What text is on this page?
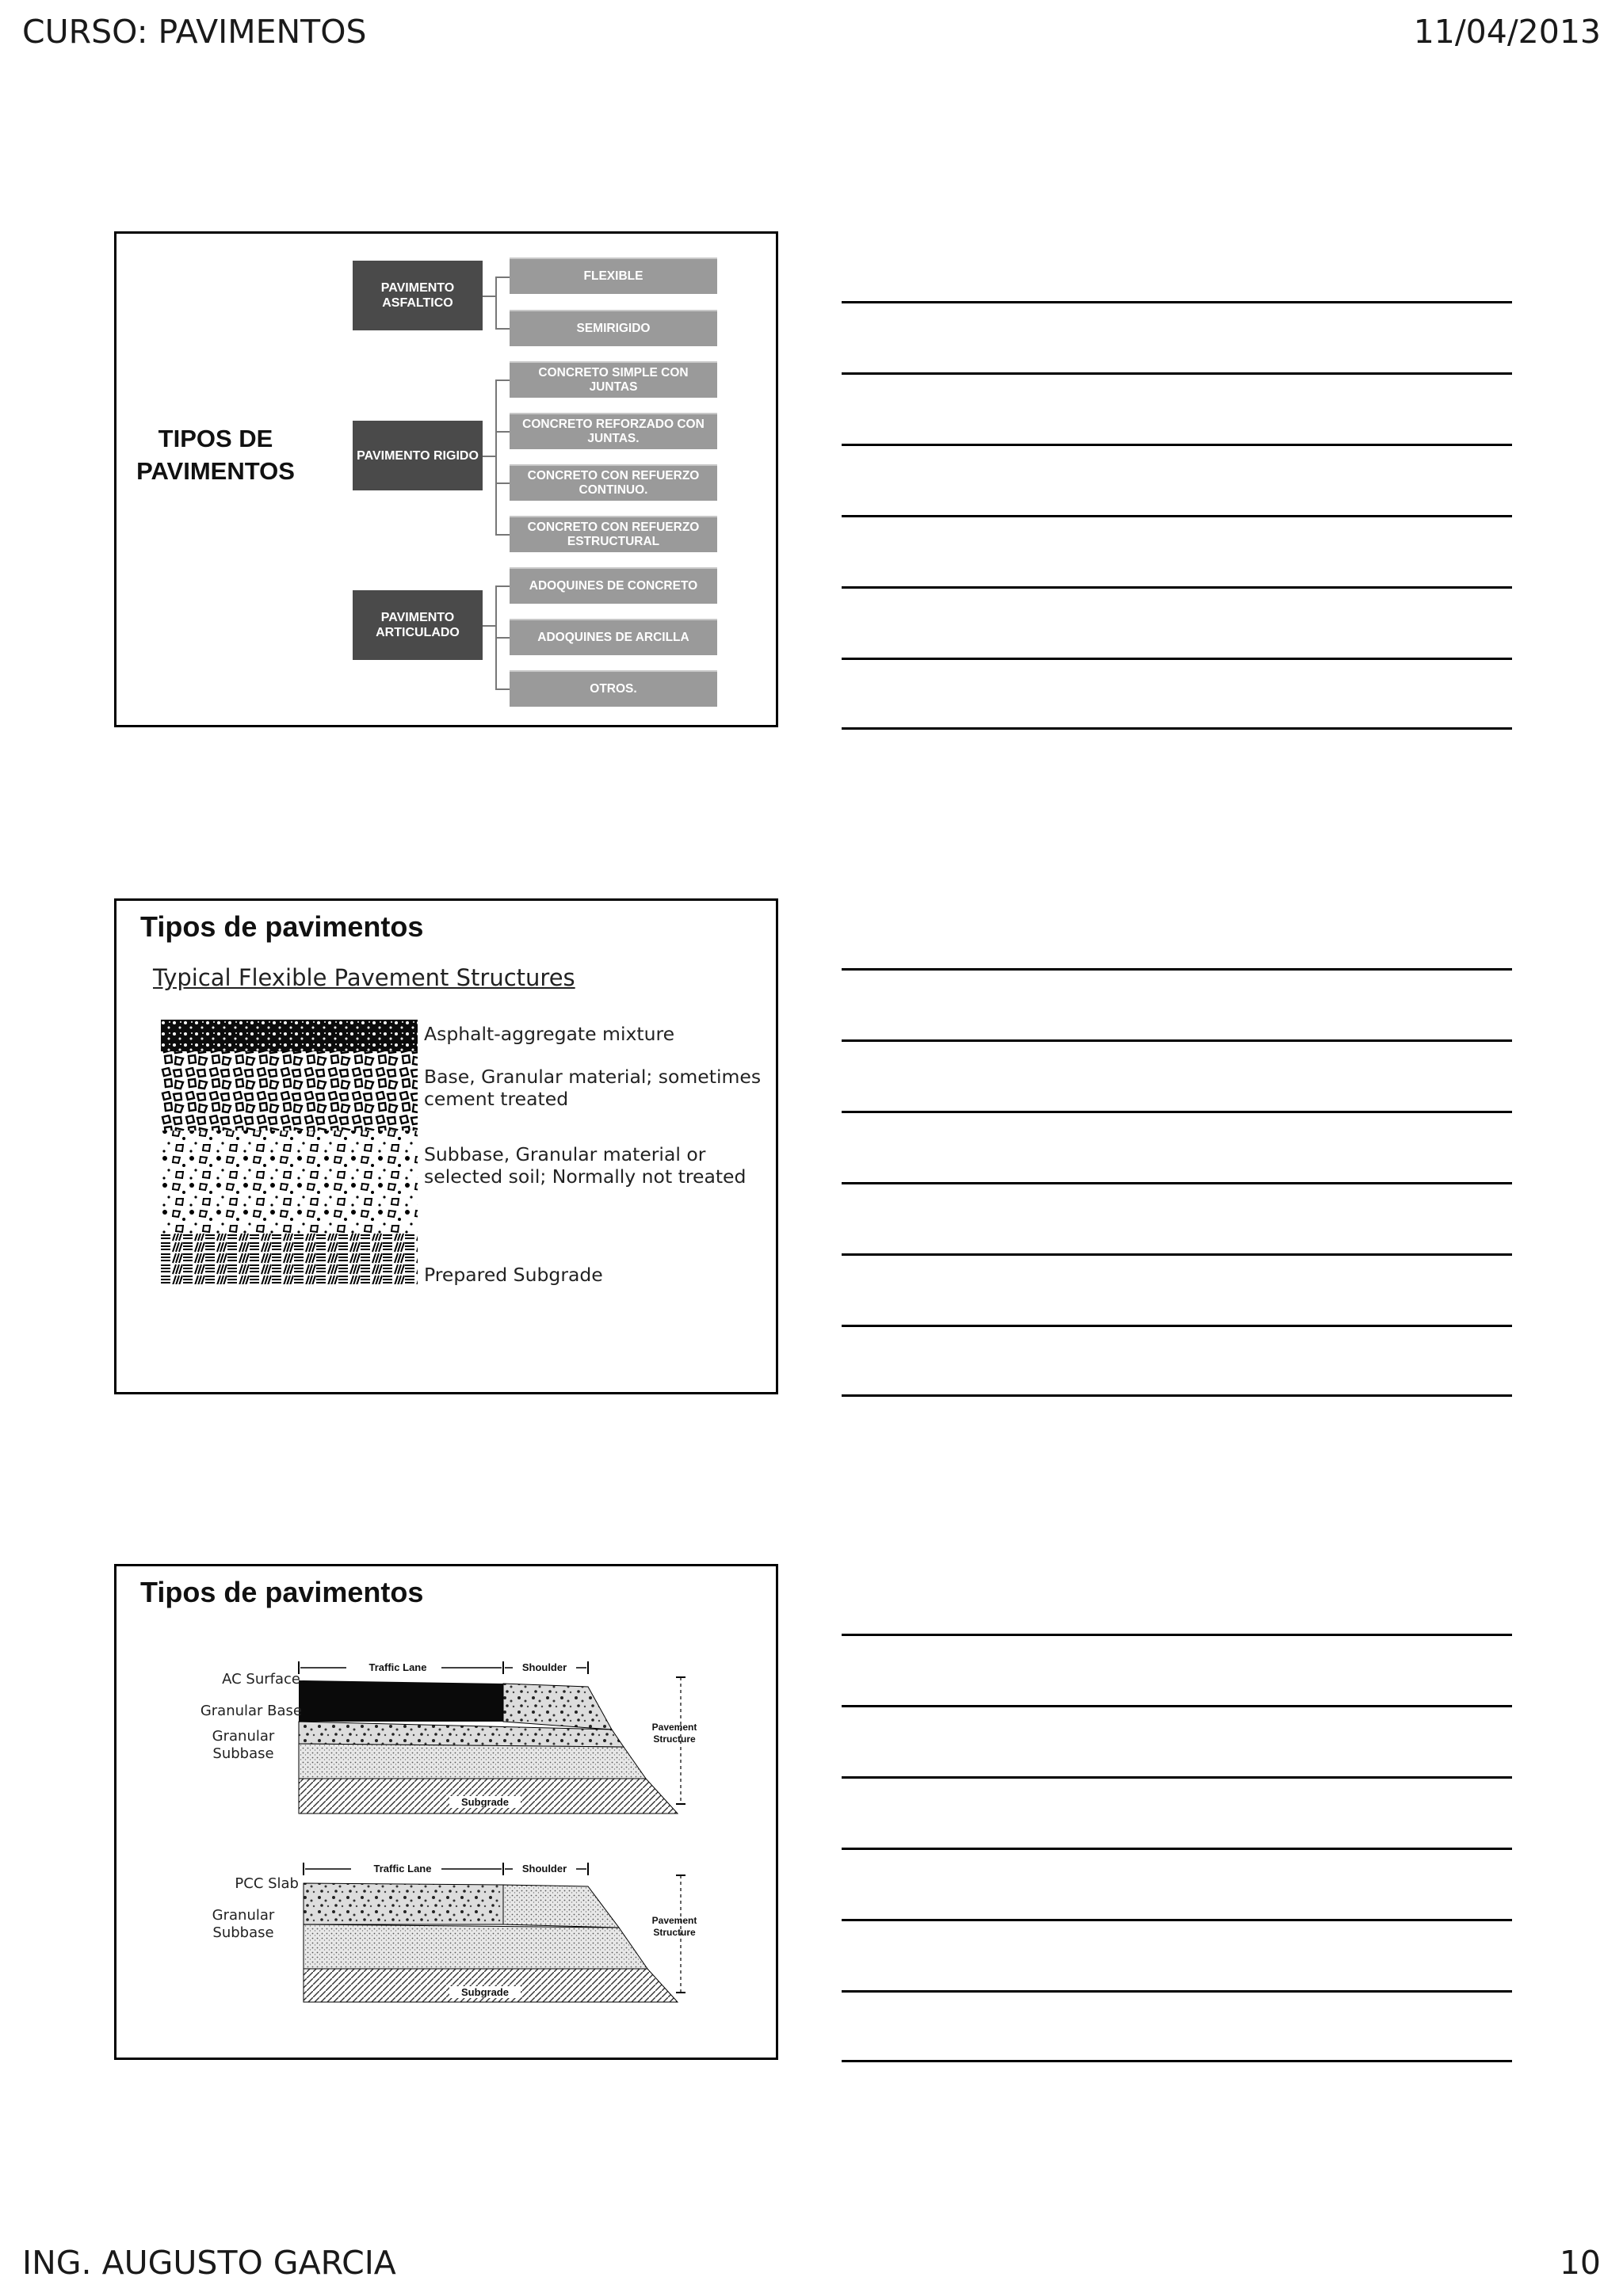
CURSO: PAVIMENTOS	11/04/2013
ING. AUGUSTO GARCIA	10
TIPOS DE PAVIMENTOS
PAVIMENTO ASFALTICO
PAVIMENTO RIGIDO
PAVIMENTO ARTICULADO
FLEXIBLE
SEMIRIGIDO
CONCRETO SIMPLE CON JUNTAS
CONCRETO REFORZADO CON JUNTAS.
CONCRETO CON REFUERZO CONTINUO.
CONCRETO CON REFUERZO ESTRUCTURAL
ADOQUINES DE CONCRETO
ADOQUINES DE ARCILLA
OTROS.
Tipos de pavimentos
Typical Flexible Pavement Structures
Asphalt-aggregate mixture
Base, Granular material; sometimes cement treated
Subbase, Granular material or selected soil; Normally not treated
Prepared Subgrade
Tipos de pavimentos
AC Surface
Granular Base
Granular Subbase
Traffic Lane	Shoulder
Subgrade
Pavement Structure
PCC Slab
Granular Subbase
Traffic Lane	Shoulder
Subgrade
Pavement Structure
